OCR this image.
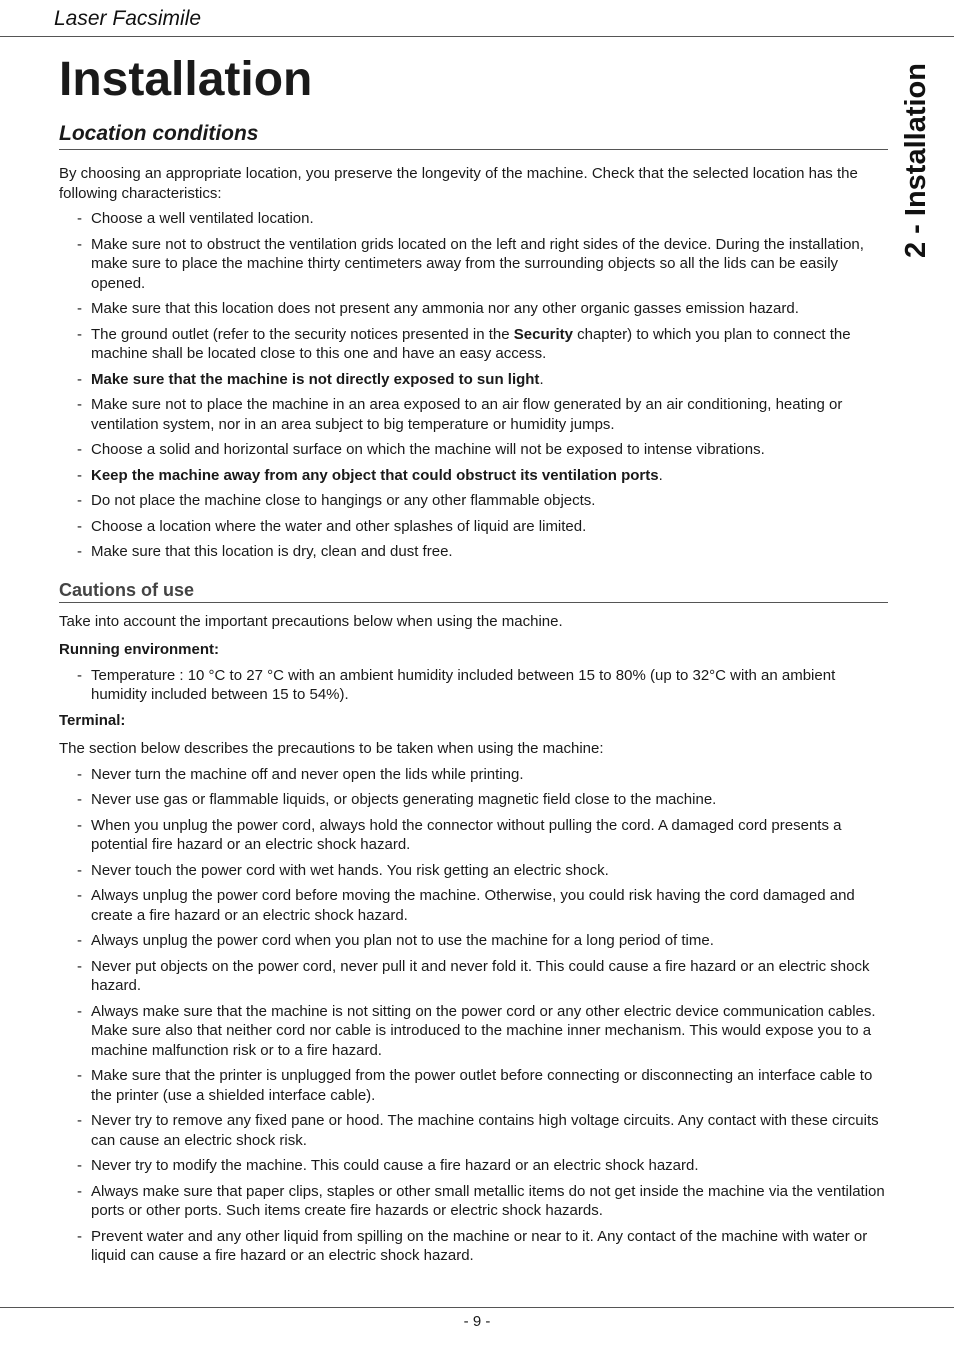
Laser Facsimile
2 - Installation
Installation
Location conditions

By choosing an appropriate location, you preserve the longevity of the machine. Check that the selected location has the following characteristics:

- Choose a well ventilated location.
- Make sure not to obstruct the ventilation grids located on the left and right sides of the device. During the installation, make sure to place the machine thirty centimeters away from the surrounding objects so all the lids can be easily opened.
- Make sure that this location does not present any ammonia nor any other organic gasses emission hazard.
- The ground outlet (refer to the security notices presented in the Security chapter) to which you plan to connect the machine shall be located close to this one and have an easy access.
- Make sure that the machine is not directly exposed to sun light.
- Make sure not to place the machine in an area exposed to an air flow generated by an air conditioning, heating or ventilation system, nor in an area subject to big temperature or humidity jumps.
- Choose a solid and horizontal surface on which the machine will not be exposed to intense vibrations.
- Keep the machine away from any object that could obstruct its ventilation ports.
- Do not place the machine close to hangings or any other flammable objects.
- Choose a location where the water and other splashes of liquid are limited.
- Make sure that this location is dry, clean and dust free.
Cautions of use

Take into account the important precautions below when using the machine.

Running environment:

- Temperature : 10 °C to 27 °C with an ambient humidity included between 15 to 80% (up to 32°C with an ambient humidity included between 15 to 54%).

Terminal:

The section below describes the precautions to be taken when using the machine:

- Never turn the machine off and never open the lids while printing.
- Never use gas or flammable liquids, or objects generating magnetic field close to the machine.
- When you unplug the power cord, always hold the connector without pulling the cord. A damaged cord presents a potential fire hazard or an electric shock hazard.
- Never touch the power cord with wet hands. You risk getting an electric shock.
- Always unplug the power cord before moving the machine. Otherwise, you could risk having the cord damaged and create a fire hazard or an electric shock hazard.
- Always unplug the power cord when you plan not to use the machine for a long period of time.
- Never put objects on the power cord, never pull it and never fold it. This could cause a fire hazard or an electric shock hazard.
- Always make sure that the machine is not sitting on the power cord or any other electric device communication cables. Make sure also that neither cord nor cable is introduced to the machine inner mechanism. This would expose you to a machine malfunction risk or to a fire hazard.
- Make sure that the printer is unplugged from the power outlet before connecting or disconnecting an interface cable to the printer (use a shielded interface cable).
- Never try to remove any fixed pane or hood. The machine contains high voltage circuits. Any contact with these circuits can cause an electric shock risk.
- Never try to modify the machine. This could cause a fire hazard or an electric shock hazard.
- Always make sure that paper clips, staples or other small metallic items do not get inside the machine via the ventilation ports or other ports. Such items create fire hazards or electric shock hazards.
- Prevent water and any other liquid from spilling on the machine or near to it. Any contact of the machine with water or liquid can cause a fire hazard or an electric shock hazard.
- 9 -
